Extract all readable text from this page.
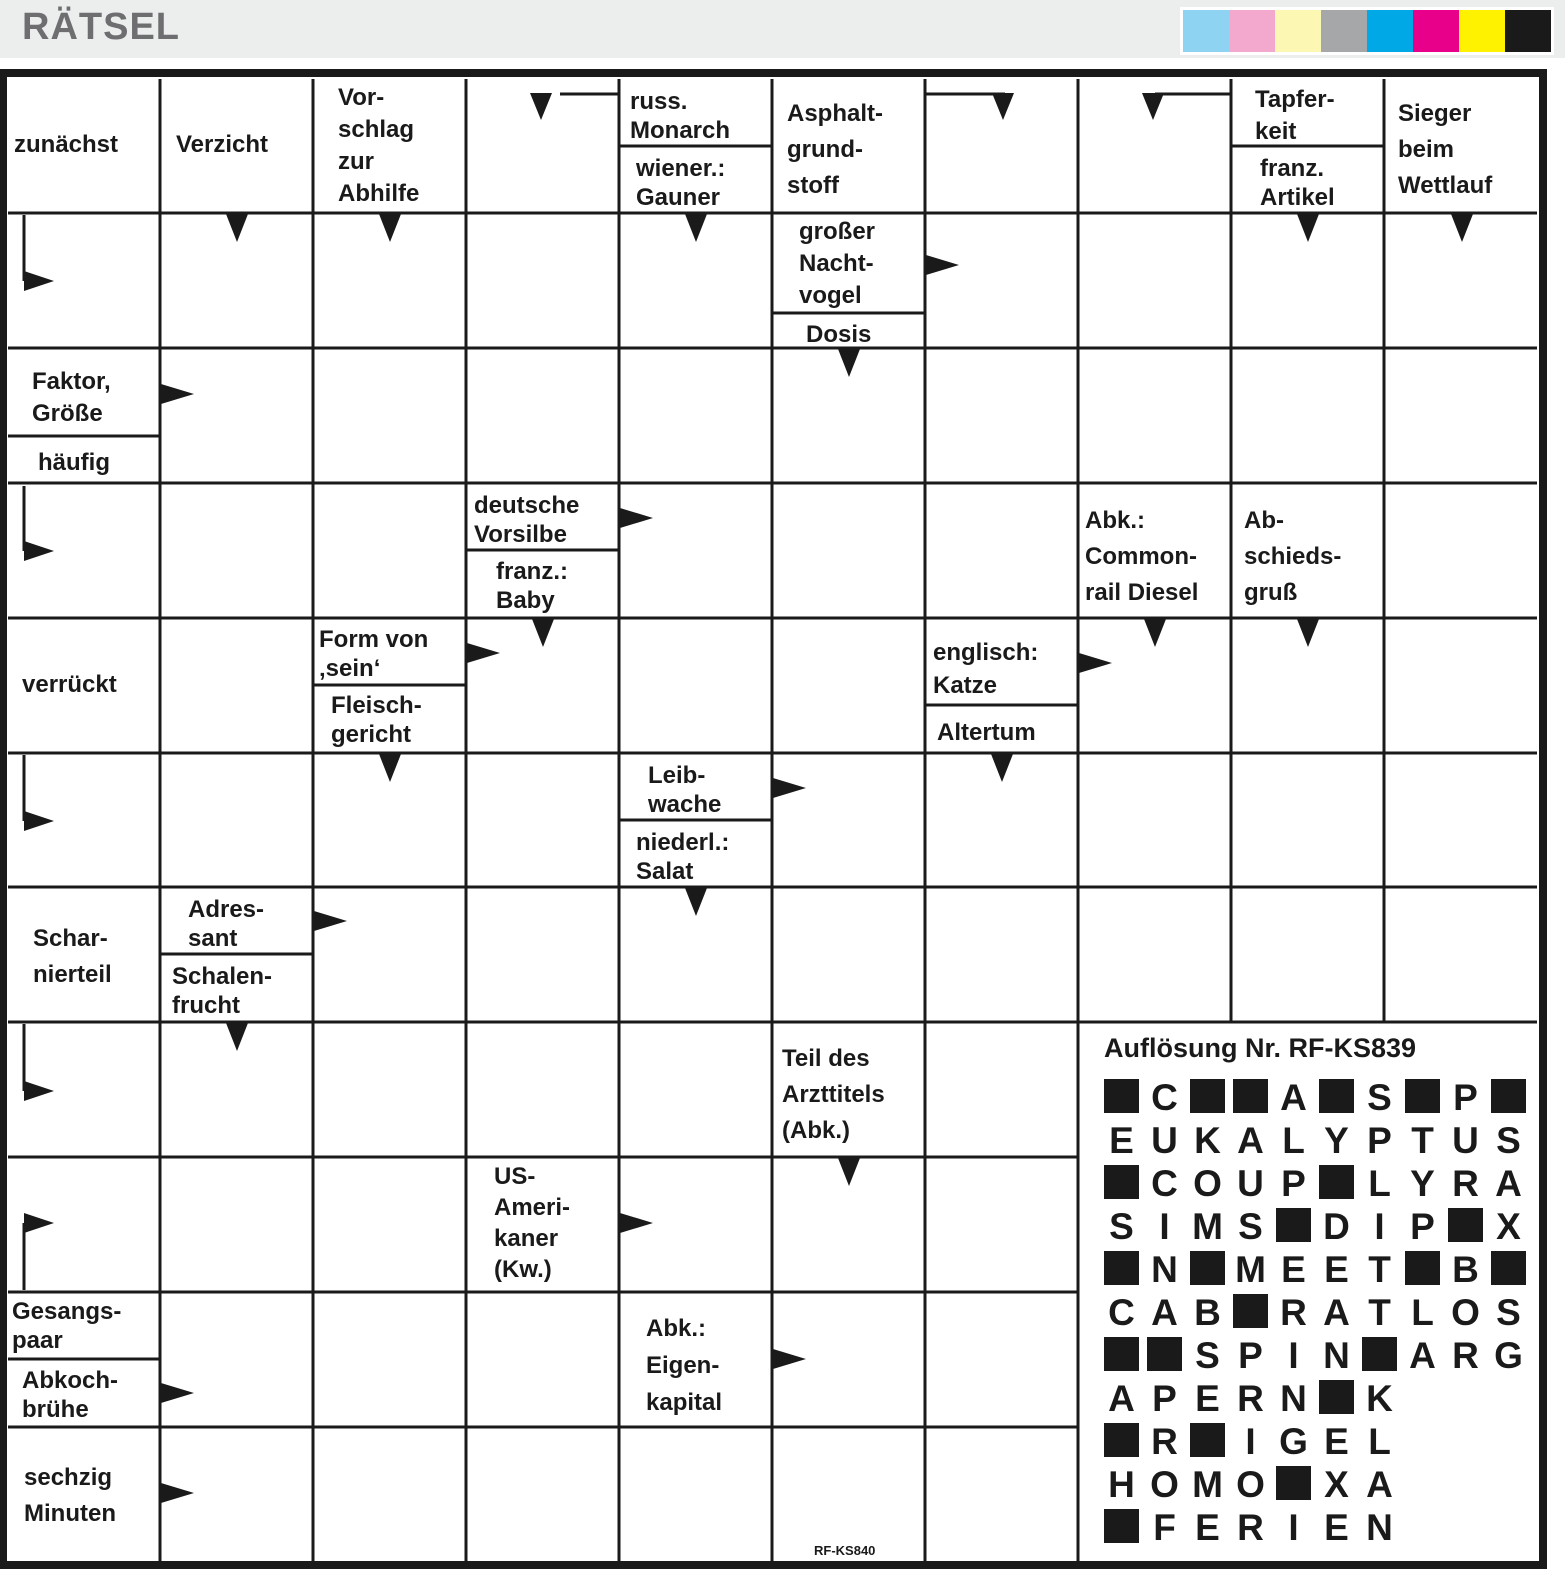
RÄTSEL
zunächst Verzicht
Vor-
schlag
zur
Abhilfe
russ.
Monarch
wiener.:
Gauner
Asphalt-
grund-
stoff
Tapfer-
keit
franz.
Artikel
Sieger
beim
Wettlauf
großer
Nacht-
vogel
Dosis
Faktor,
Größe
häufig
deutsche
Vorsilbe
franz.:
Baby
Abk.:
Common-
rail Diesel
Ab-
schieds-
gruß
verrückt
Form von
‚sein‘
Fleisch-
gericht
englisch:
Katze
Altertum
Leib-
wache
niederl.:
Salat
Schar-
nierteil
Adres-
sant
Schalen-
frucht
Teil des
Arzttitels
(Abk.)
US-
Ameri-
kaner
(Kw.)
Gesangs-
paar
Abkoch-
brühe
Abk.:
Eigen-
kapital
sechzig
Minuten
Auflösung Nr. RF-KS839
C	A S P
E U K A L Y P T U S
C O U P L Y R A
S I M S D I P X
N M E E T B
C A B R A T L O S
S P I N A R G
A P E R N K
R	I G E L
H O M O X A
F E R I E N
RF-KS840
